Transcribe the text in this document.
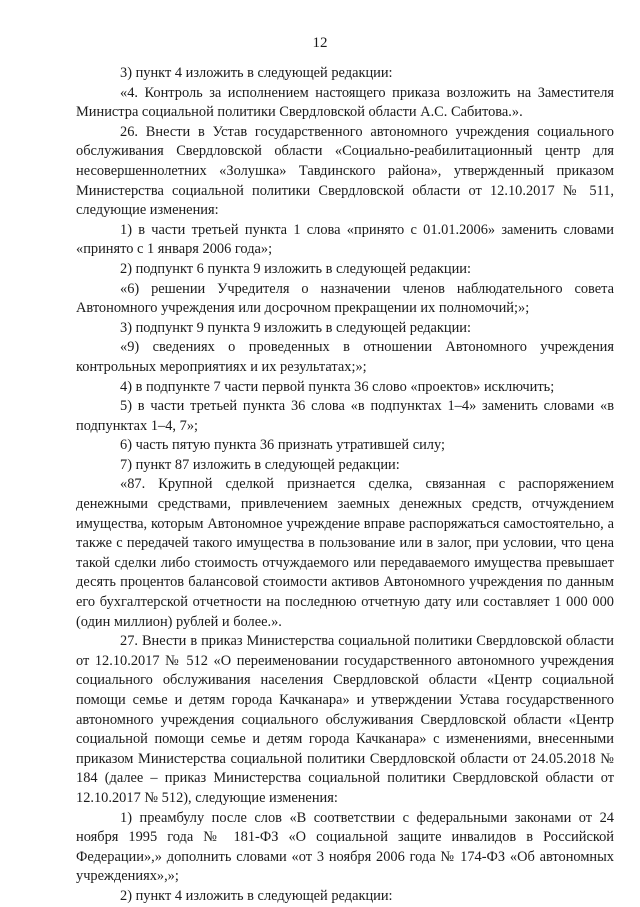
12

3) пункт 4 изложить в следующей редакции:

«4. Контроль за исполнением настоящего приказа возложить на Заместителя Министра социальной политики Свердловской области А.С. Сабитова.».

26. Внести в Устав государственного автономного учреждения социального обслуживания Свердловской области «Социально-реабилитационный центр для несовершеннолетних «Золушка» Тавдинского района», утвержденный приказом Министерства социальной политики Свердловской области от 12.10.2017 № 511, следующие изменения:

1) в части третьей пункта 1 слова «принято с 01.01.2006» заменить словами «принято с 1 января 2006 года»;

2) подпункт 6 пункта 9 изложить в следующей редакции:

«6) решении Учредителя о назначении членов наблюдательного совета Автономного учреждения или досрочном прекращении их полномочий;»;

3) подпункт 9 пункта 9 изложить в следующей редакции:

«9) сведениях о проведенных в отношении Автономного учреждения контрольных мероприятиях и их результатах;»;

4) в подпункте 7 части первой пункта 36 слово «проектов» исключить;

5) в части третьей пункта 36 слова «в подпунктах 1–4» заменить словами «в подпунктах 1–4, 7»;

6) часть пятую пункта 36 признать утратившей силу;

7) пункт 87 изложить в следующей редакции:

«87. Крупной сделкой признается сделка, связанная с распоряжением денежными средствами, привлечением заемных денежных средств, отчуждением имущества, которым Автономное учреждение вправе распоряжаться самостоятельно, а также с передачей такого имущества в пользование или в залог, при условии, что цена такой сделки либо стоимость отчуждаемого или передаваемого имущества превышает десять процентов балансовой стоимости активов Автономного учреждения по данным его бухгалтерской отчетности на последнюю отчетную дату или составляет 1 000 000 (один миллион) рублей и более.».

27. Внести в приказ Министерства социальной политики Свердловской области от 12.10.2017 № 512 «О переименовании государственного автономного учреждения социального обслуживания населения Свердловской области «Центр социальной помощи семье и детям города Качканара» и утверждении Устава государственного автономного учреждения социального обслуживания Свердловской области «Центр социальной помощи семье и детям города Качканара» с изменениями, внесенными приказом Министерства социальной политики Свердловской области от 24.05.2018 № 184 (далее – приказ Министерства социальной политики Свердловской области от 12.10.2017 № 512), следующие изменения:

1) преамбулу после слов «В соответствии с федеральными законами от 24 ноября 1995 года № 181-ФЗ «О социальной защите инвалидов в Российской Федерации»,» дополнить словами «от 3 ноября 2006 года № 174-ФЗ «Об автономных учреждениях»,»;

2) пункт 4 изложить в следующей редакции:
